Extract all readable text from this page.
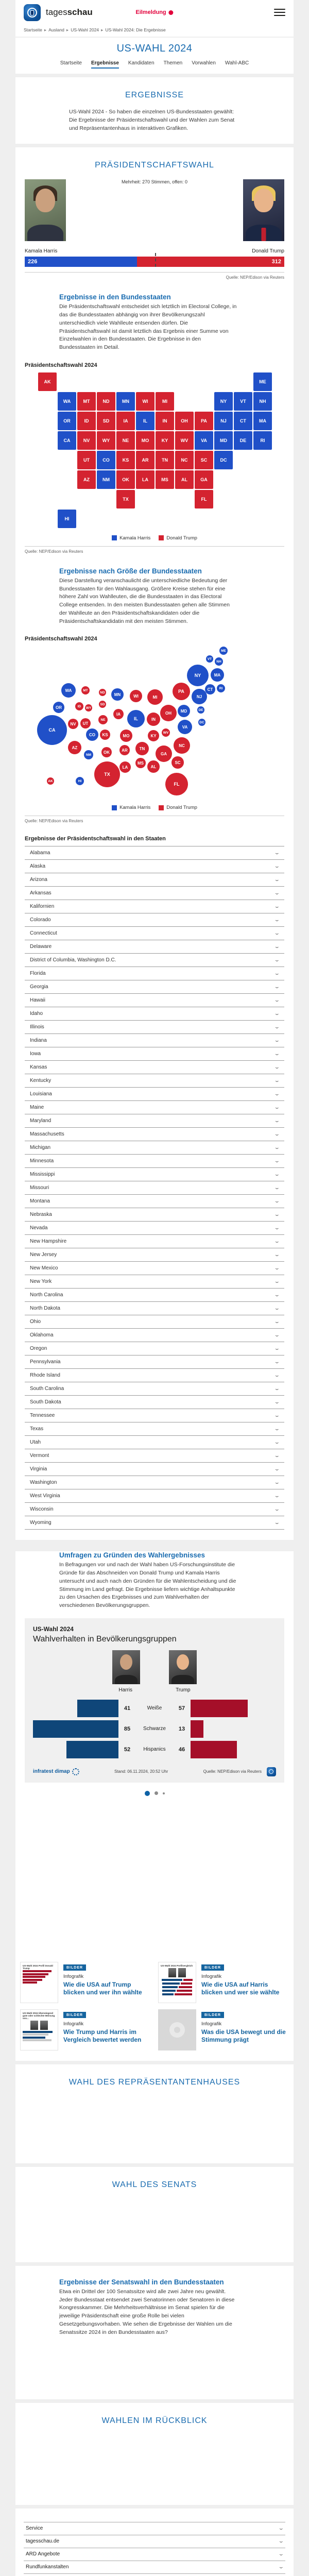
tagesschau	Eilmeldung
Startseite ▸ Ausland ▸ US-Wahl 2024 ▸ US-Wahl 2024: Die Ergebnisse
US-WAHL 2024
Startseite Ergebnisse Kandidaten Themen Vorwahlen Wahl-ABC
ERGEBNISSE

US-Wahl 2024 - So haben die einzelnen US-Bundesstaaten gewählt: Die Ergebnisse der Präsidentschaftswahl und der Wahlen zum Senat und Repräsentantenhaus in interaktiven Grafiken.

PRÄSIDENTSCHAFTSWAHL
Mehrheit: 270 Stimmen, offen: 0
Kamala Harris	Donald Trump
226	312
Quelle: NEP/Edison via Reuters
Ergebnisse in den Bundesstaaten

Die Präsidentschaftswahl entscheidet sich letztlich im Electoral College, in das die Bundesstaaten abhängig von ihrer Bevölkerungszahl unterschiedlich viele Wahlleute entsenden dürfen. Die Präsidentschaftswahl ist damit letztlich das Ergebnis einer Summe von Einzelwahlen in den Bundesstaaten. Die Ergebnisse in den Bundesstaaten im Detail.

Präsidentschaftswahl 2024
AK	ME
WA	MT	ND	MN	WI	MI	NY	VT	NH
OR	ID	SD	IA	IL	IN	OH	PA	NJ	CT	MA
CA	NV	WY	NE	MO	KY	WV	VA	MD	DE	RI
UT	CO	KS	AR	TN	NC	SC	DC
AZ	NM	OK	LA	MS	AL	GA
TX	FL
HI
Kamala Harris	Donald Trump
Quelle: NEP/Edison via Reuters
Ergebnisse nach Größe der Bundesstaaten

Diese Darstellung veranschaulicht die unterschiedliche Bedeutung der Bundesstaaten für den Wahlausgang. Größere Kreise stehen für eine höhere Zahl von Wahlleuten, die die Bundesstaaten in das Electoral College entsenden. In den meisten Bundesstaaten gehen alle Stimmen der Wahlleute an den Präsidentschaftskandidaten oder die Präsidentschaftskandidatin mit den meisten Stimmen.

Präsidentschaftswahl 2024
ME
VT
NH
NY	MA
CT	RI
PA
NJ
WA	MT
ND	MN	WI	MI
OR	ID	WY
SD
IA
IL	IN
OH	MD	DE
DC
NV	UT
NE
CO	KS	MO	KY
WV
VA
CA
AZ
NM
OK	AR	TN
NC
SC
GA
AL
MS
LA
TX
AK	HI
FL
Kamala Harris	Donald Trump
Quelle: NEP/Edison via Reuters
Ergebnisse der Präsidentschaftswahl in den Staaten
Alabama	⌄
Alaska	⌄
Arizona	⌄
Arkansas	⌄
Kalifornien	⌄
Colorado	⌄
Connecticut	⌄
Delaware	⌄
District of Columbia, Washington D.C.	⌄
Florida	⌄
Georgia	⌄
Hawaii	⌄
Idaho	⌄
Illinois	⌄
Indiana	⌄
Iowa	⌄
Kansas	⌄
Kentucky	⌄
Louisiana	⌄
Maine	⌄
Maryland	⌄
Massachusetts	⌄
Michigan	⌄
Minnesota	⌄
Mississippi	⌄
Missouri	⌄
Montana	⌄
Nebraska	⌄
Nevada	⌄
New Hampshire	⌄
New Jersey	⌄
New Mexico	⌄
New York	⌄
North Carolina	⌄
North Dakota	⌄
Ohio	⌄
Oklahoma	⌄
Oregon	⌄
Pennsylvania	⌄
Rhode Island	⌄
South Carolina	⌄
South Dakota	⌄
Tennessee	⌄
Texas	⌄
Utah	⌄
Vermont	⌄
Virginia	⌄
Washington	⌄
West Virginia	⌄
Wisconsin	⌄
Wyoming	⌄
Umfragen zu Gründen des Wahlergebnisses

In Befragungen vor und nach der Wahl haben US-Forschungsinstitute die Gründe für das Abschneiden von Donald Trump und Kamala Harris untersucht und auch nach den Gründen für die Wahlentscheidung und die Stimmung im Land gefragt. Die Ergebnisse liefern wichtige Anhaltspunkte zu den Ursachen des Ergebnisses und zum Wahlverhalten der verschiedenen Bevölkerungsgruppen.

US-Wahl 2024
Wahlverhalten in Bevölkerungsgruppen
Harris	Trump
41	Weiße	57
85	Schwarze	13
52	Hispanics	46
infratest dimap	Stand: 06.11.2024, 20:52 Uhr	Quelle: NEP/Edison via Reuters
US-Wahl 2024 Profil Donald Trump	BILDER
Infografik
Wie die USA auf Trump blicken und wer ihn wählte
US-Wahl 2024 Profilvergleich
BILDER
Infografik
Wie die USA auf Harris blicken und wer sie wählte
US-Wahl 2024 Überwiegend gute oder schlechte Meinung von...
BILDER
Infografik
Wie Trump und Harris im Vergleich bewertet werden
BILDER
Infografik
Was die USA bewegt und die Stimmung prägt
WAHL DES REPRÄSENTANTENHAUSES
WAHL DES SENATS
Ergebnisse der Senatswahl in den Bundesstaaten

Etwa ein Drittel der 100 Senatssitze wird alle zwei Jahre neu gewählt. Jeder Bundesstaat entsendet zwei Senatorinnen oder Senatoren in diese Kongresskammer. Die Mehrheitsverhältnisse im Senat spielen für die jeweilige Präsidentschaft eine große Rolle bei vielen Gesetzgebungsvorhaben. Wie sehen die Ergebnisse der Wahlen um die Senatssitze 2024 in den Bundesstaaten aus?

WAHLEN IM RÜCKBLICK
Service	⌄
tagesschau.de	⌄
ARD Angebote	⌄
Rundfunkanstalten	⌄
